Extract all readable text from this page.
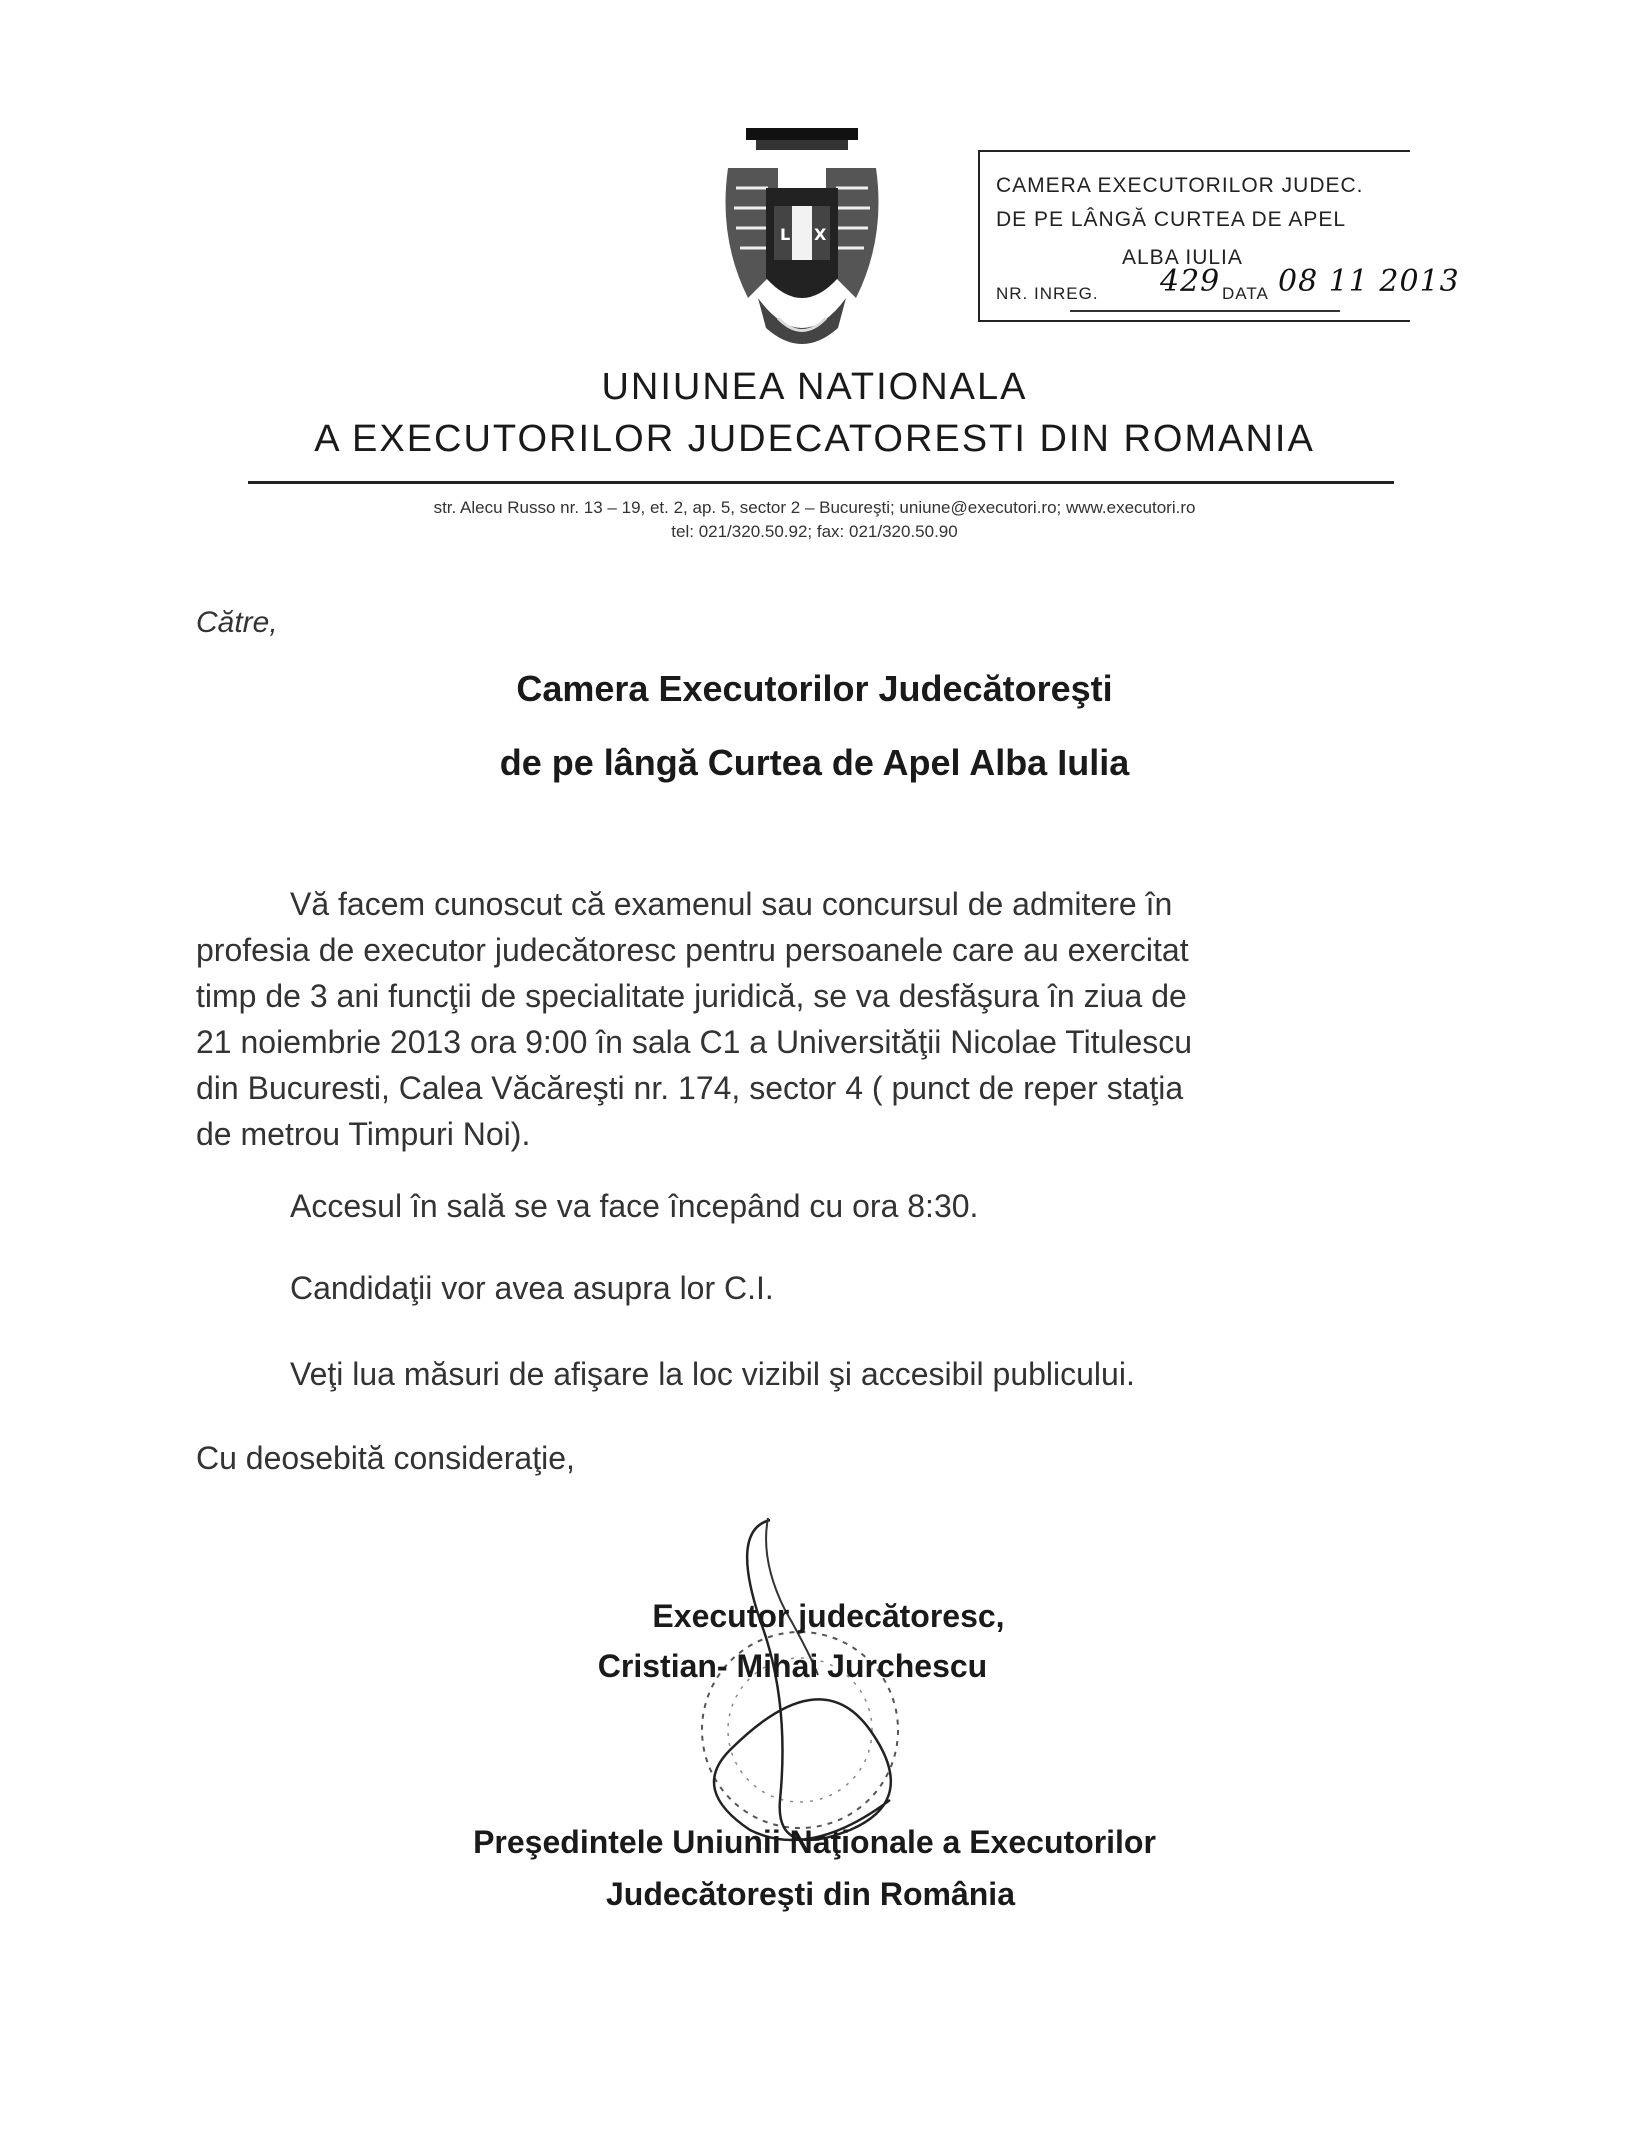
L X
CAMERA EXECUTORILOR JUDEC.
DE PE LÂNGĂ CURTEA DE APEL
ALBA IULIA
NR. INREG. 429 DATA 08 11 2013
UNIUNEA NATIONALA
A EXECUTORILOR JUDECATORESTI DIN ROMANIA
str. Alecu Russo nr. 13 – 19, et. 2, ap. 5, sector 2 – Bucureşti; uniune@executori.ro; www.executori.ro
tel: 021/320.50.92; fax: 021/320.50.90
Către,
Camera Executorilor Judecătoreşti
de pe lângă Curtea de Apel Alba Iulia
Vă facem cunoscut că examenul sau concursul de admitere în
profesia de executor judecătoresc pentru persoanele care au exercitat
timp de 3 ani funcţii de specialitate juridică, se va desfăşura în ziua de
21 noiembrie 2013 ora 9:00 în sala C1 a Universităţii Nicolae Titulescu
din Bucuresti, Calea Văcăreşti nr. 174, sector 4 ( punct de reper staţia
de metrou Timpuri Noi).
Accesul în sală se va face începând cu ora 8:30.
Candidaţii vor avea asupra lor C.I.
Veţi lua măsuri de afişare la loc vizibil şi accesibil publicului.
Cu deosebită consideraţie,
Executor judecătoresc,
Cristian- Mihai Jurchescu
Preşedintele Uniunii Naţionale a Executorilor
Judecătoreşti din România
